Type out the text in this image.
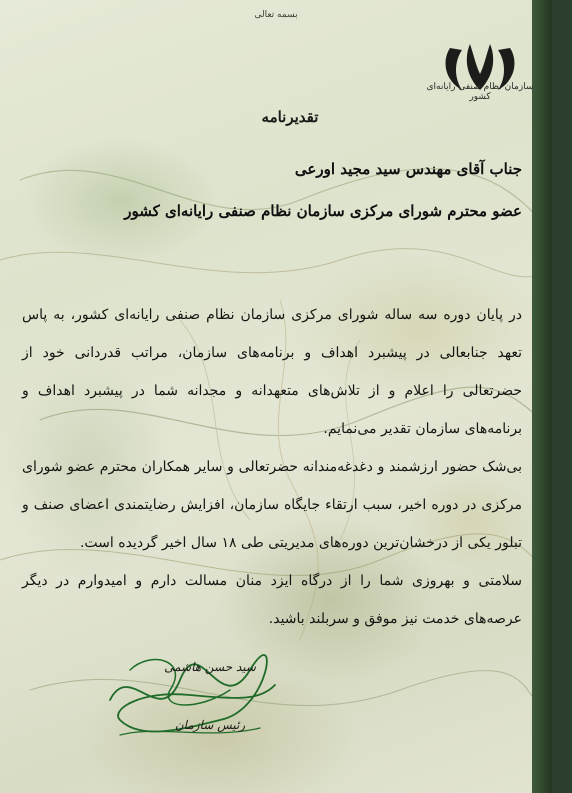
بسمه تعالی
سازمان نظام صنفی رایانه‌ای کشور
تقدیرنامه
جناب آقای مهندس سید مجید اورعی
عضو محترم شورای مرکزی سازمان نظام صنفی رایانه‌ای کشور

در پایان دوره سه ساله شورای مرکزی سازمان نظام صنفی رایانه‌ای کشور، به پاس تعهد جنابعالی در پیشبرد اهداف و برنامه‌های سازمان، مراتب قدردانی خود از حضرتعالی را اعلام و از تلاش‌های متعهدانه و مجدانه شما در پیشبرد اهداف و برنامه‌های سازمان تقدیر می‌نمایم.

بی‌شک حضور ارزشمند و دغدغه‌مندانه حضرتعالی و سایر همکاران محترم عضو شورای مرکزی در دوره اخیر، سبب ارتقاء جایگاه سازمان، افزایش رضایتمندی اعضای صنف و تبلور یکی از درخشان‌ترین دوره‌های مدیریتی طی ۱۸ سال اخیر گردیده است.

سلامتی و بهروزی شما را از درگاه ایزد منان مسالت دارم و امیدوارم در دیگر عرصه‌های خدمت نیز موفق و سربلند باشید.

سید حسن هاشمی
رئیس سازمان
